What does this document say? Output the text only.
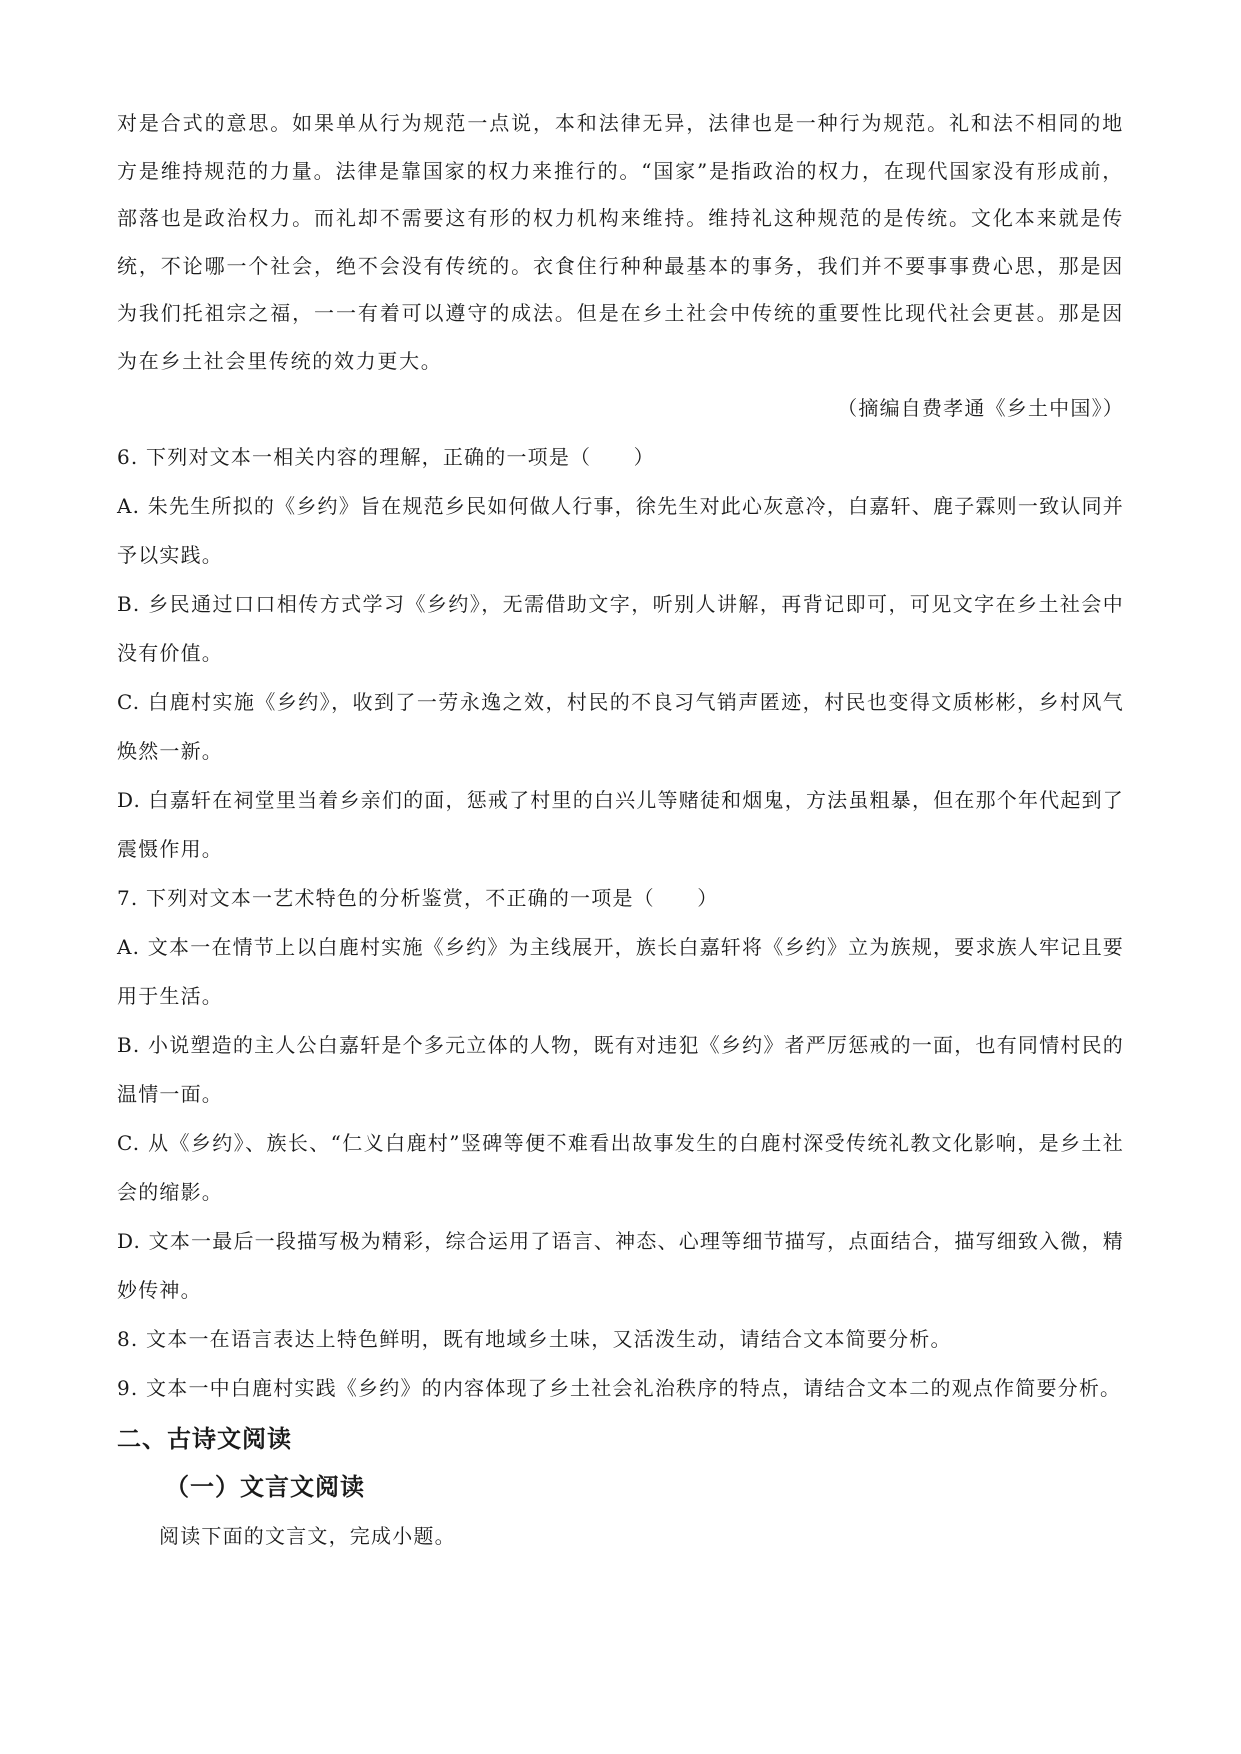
对是合式的意思。如果单从行为规范一点说，本和法律无异，法律也是一种行为规范。礼和法不相同的地方是维持规范的力量。法律是靠国家的权力来推行的。“国家”是指政治的权力，在现代国家没有形成前，部落也是政治权力。而礼却不需要这有形的权力机构来维持。维持礼这种规范的是传统。文化本来就是传统，不论哪一个社会，绝不会没有传统的。衣食住行种种最基本的事务，我们并不要事事费心思，那是因为我们托祖宗之福，一一有着可以遵守的成法。但是在乡土社会中传统的重要性比现代社会更甚。那是因为在乡土社会里传统的效力更大。

（摘编自费孝通《乡土中国》）

6. 下列对文本一相关内容的理解，正确的一项是（　　）

A. 朱先生所拟的《乡约》旨在规范乡民如何做人行事，徐先生对此心灰意冷，白嘉轩、鹿子霖则一致认同并予以实践。

B. 乡民通过口口相传方式学习《乡约》，无需借助文字，听别人讲解，再背记即可，可见文字在乡土社会中没有价值。

C. 白鹿村实施《乡约》，收到了一劳永逸之效，村民的不良习气销声匿迹，村民也变得文质彬彬，乡村风气焕然一新。

D. 白嘉轩在祠堂里当着乡亲们的面，惩戒了村里的白兴儿等赌徒和烟鬼，方法虽粗暴，但在那个年代起到了震慑作用。

7. 下列对文本一艺术特色的分析鉴赏，不正确的一项是（　　）

A. 文本一在情节上以白鹿村实施《乡约》为主线展开，族长白嘉轩将《乡约》立为族规，要求族人牢记且要用于生活。

B. 小说塑造的主人公白嘉轩是个多元立体的人物，既有对违犯《乡约》者严厉惩戒的一面，也有同情村民的温情一面。

C. 从《乡约》、族长、“仁义白鹿村”竖碑等便不难看出故事发生的白鹿村深受传统礼教文化影响，是乡土社会的缩影。

D. 文本一最后一段描写极为精彩，综合运用了语言、神态、心理等细节描写，点面结合，描写细致入微，精妙传神。

8. 文本一在语言表达上特色鲜明，既有地域乡土味，又活泼生动，请结合文本简要分析。

9. 文本一中白鹿村实践《乡约》的内容体现了乡土社会礼治秩序的特点，请结合文本二的观点作简要分析。

二、古诗文阅读
（一）文言文阅读

阅读下面的文言文，完成小题。
